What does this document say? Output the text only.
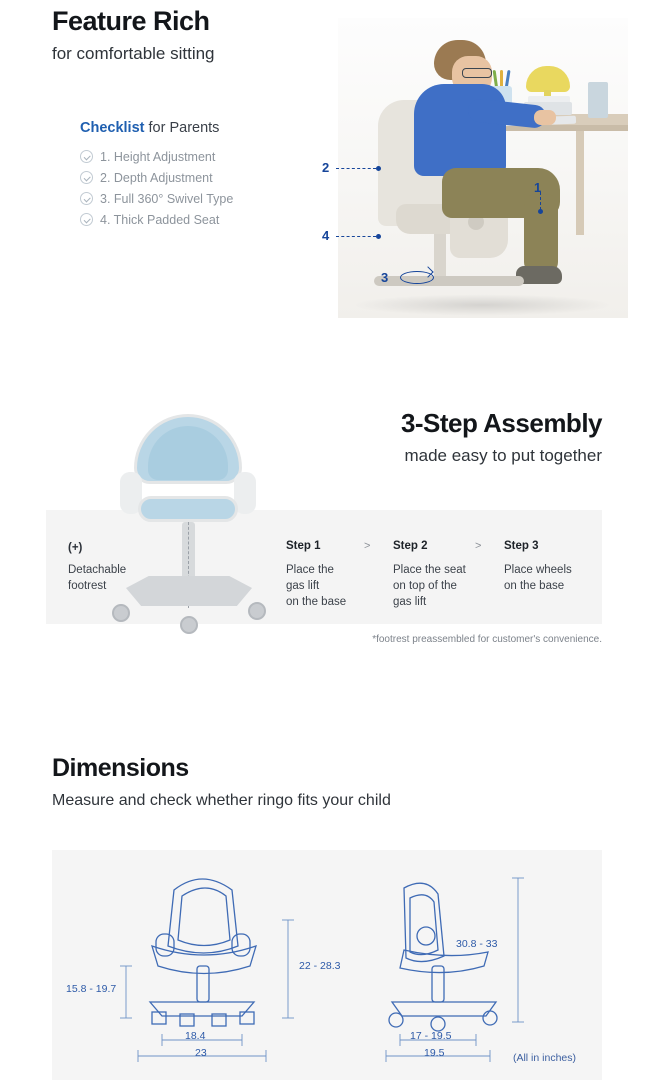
Feature Rich
for comfortable sitting
Checklist for Parents
1. Height Adjustment
2. Depth Adjustment
3. Full 360° Swivel Type
4. Thick Padded Seat
1
2
3
4
3-Step Assembly
made easy to put together
(+)
Detachable
footrest
>	>
Step 1
Place the
gas lift
on the base
Step 2
Place the seat
on top of the
gas lift
Step 3
Place wheels
on the base
*footrest preassembled for customer's convenience.
Dimensions
Measure and check whether ringo fits your child
15.8 - 19.7
22 - 28.3
18.4
23
30.8 - 33
17 - 19.5
19.5	(All in inches)
